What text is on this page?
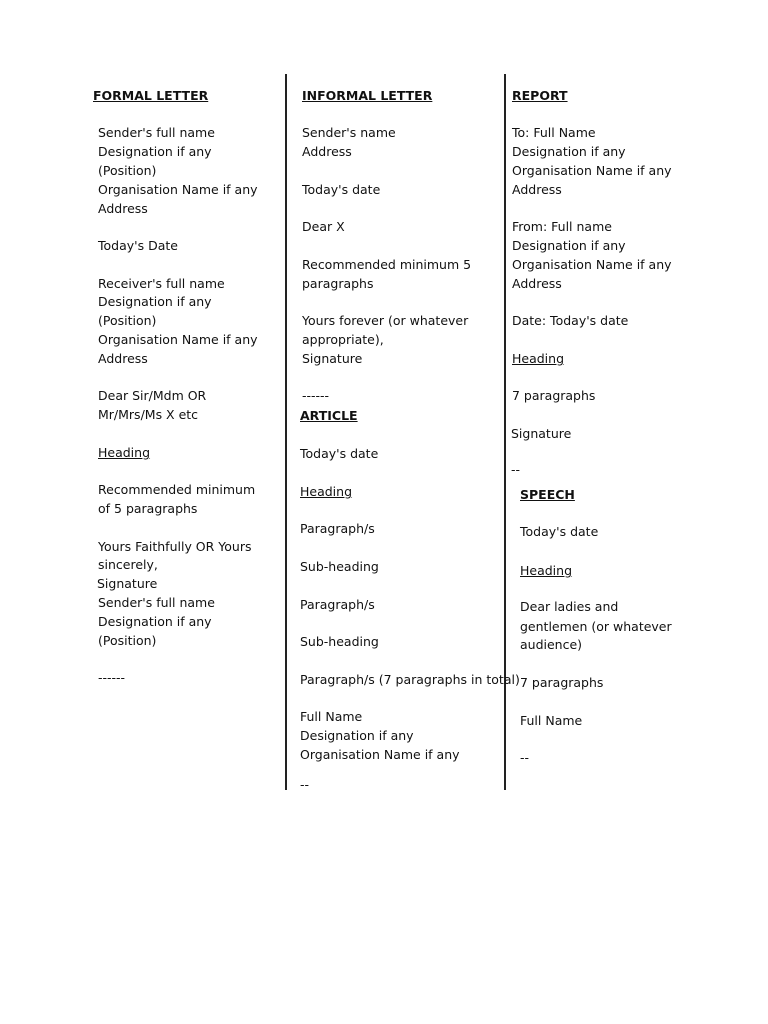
FORMAL LETTER
Sender's full name
Designation if any
(Position)
Organisation Name if any
Address
Today's Date
Receiver's full name
Designation if any
(Position)
Organisation Name if any
Address
Dear Sir/Mdm OR
Mr/Mrs/Ms X etc
Heading
Recommended minimum
of 5 paragraphs
Yours Faithfully OR Yours
sincerely,
Signature
Sender's full name
Designation if any
(Position)
------
INFORMAL LETTER
Sender's name
Address
Today's date
Dear X
Recommended minimum 5
paragraphs
Yours forever (or whatever
appropriate),
Signature
------
ARTICLE
Today's date
Heading
Paragraph/s
Sub-heading
Paragraph/s
Sub-heading
Paragraph/s (7 paragraphs in total)
Full Name
Designation if any
Organisation Name if any
--
REPORT
To: Full Name
Designation if any
Organisation Name if any
Address
From: Full name
Designation if any
Organisation Name if any
Address
Date: Today's date
Heading
7 paragraphs
Signature
--
SPEECH
Today's date
Heading
Dear ladies and
gentlemen (or whatever
audience)
7 paragraphs
Full Name
--
